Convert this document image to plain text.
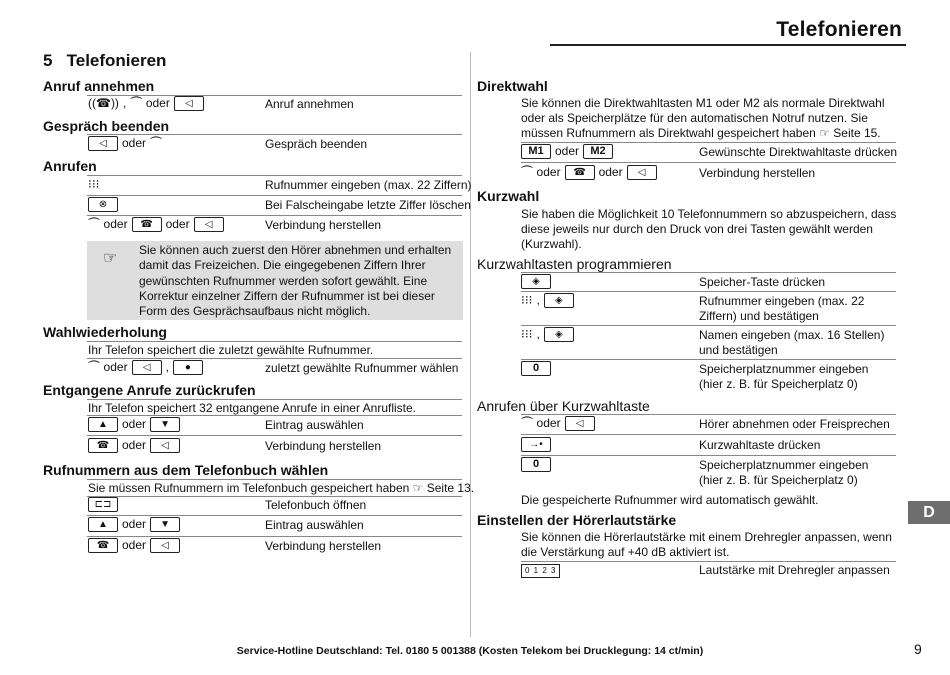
Telefonieren
5   Telefonieren
Anruf annehmen
((☎)) , ⏜ oder	◁	Anruf annehmen
Gespräch beenden
◁	oder ⏜	Gespräch beenden
Anrufen
⁝⁝⁝	Rufnummer eingeben (max. 22 Ziffern)
⊗	Bei Falscheingabe letzte Ziffer löschen
⏜ oder	☎	oder	◁	Verbindung herstellen
☞ Sie können auch zuerst den Hörer abnehmen und erhalten damit das Freizeichen. Die eingegebenen Ziffern Ihrer gewünschten Rufnummer werden sofort gewählt. Eine Korrektur einzelner Ziffern der Rufnummer ist bei dieser Form des Gesprächsaufbaus nicht möglich.
Wahlwiederholung
Ihr Telefon speichert die zuletzt gewählte Rufnummer.
⏜ oder	◁	,	●	zuletzt gewählte Rufnummer wählen
Entgangene Anrufe zurückrufen
Ihr Telefon speichert 32 entgangene Anrufe in einer Anrufliste.
▲	oder	▼	Eintrag auswählen
☎	oder	◁	Verbindung herstellen
Rufnummern aus dem Telefonbuch wählen
Sie müssen Rufnummern im Telefonbuch gespeichert haben ☞ Seite 13.
⊏⊐	Telefonbuch öffnen
▲	oder	▼	Eintrag auswählen
☎	oder	◁	Verbindung herstellen
Direktwahl
Sie können die Direktwahltasten M1 oder M2 als normale Direktwahl oder als Speicherplätze für den automatischen Notruf nutzen. Sie müssen Rufnummern als Direktwahl gespeichert haben ☞ Seite 15.
M1 oder	M2	Gewünschte Direktwahltaste drücken
⏜ oder	☎	oder	◁	Verbindung herstellen
Kurzwahl
Sie haben die Möglichkeit 10 Telefonnummern so abzuspeichern, dass diese jeweils nur durch den Druck von drei Tasten gewählt werden (Kurzwahl).
Kurzwahltasten programmieren
◈	Speicher-Taste drücken
⁝⁝⁝ ,	◈	Rufnummer eingeben (max. 22 Ziffern) und bestätigen
⁝⁝⁝ ,	◈	Namen eingeben (max. 16 Stellen) und bestätigen
0	Speicherplatznummer eingeben (hier z. B. für Speicherplatz 0)
Anrufen über Kurzwahltaste
⏜ oder	◁	Hörer abnehmen oder Freisprechen
→•	Kurzwahltaste drücken
0	Speicherplatznummer eingeben (hier z. B. für Speicherplatz 0)
Die gespeicherte Rufnummer wird automatisch gewählt.
Einstellen der Hörerlautstärke
Sie können die Hörerlautstärke mit einem Drehregler anpassen, wenn die Verstärkung auf +40 dB aktiviert ist.
0 1 2 3	Lautstärke mit Drehregler anpassen
D
Service-Hotline Deutschland: Tel. 0180 5 001388 (Kosten Telekom bei Drucklegung: 14 ct/min)	9
